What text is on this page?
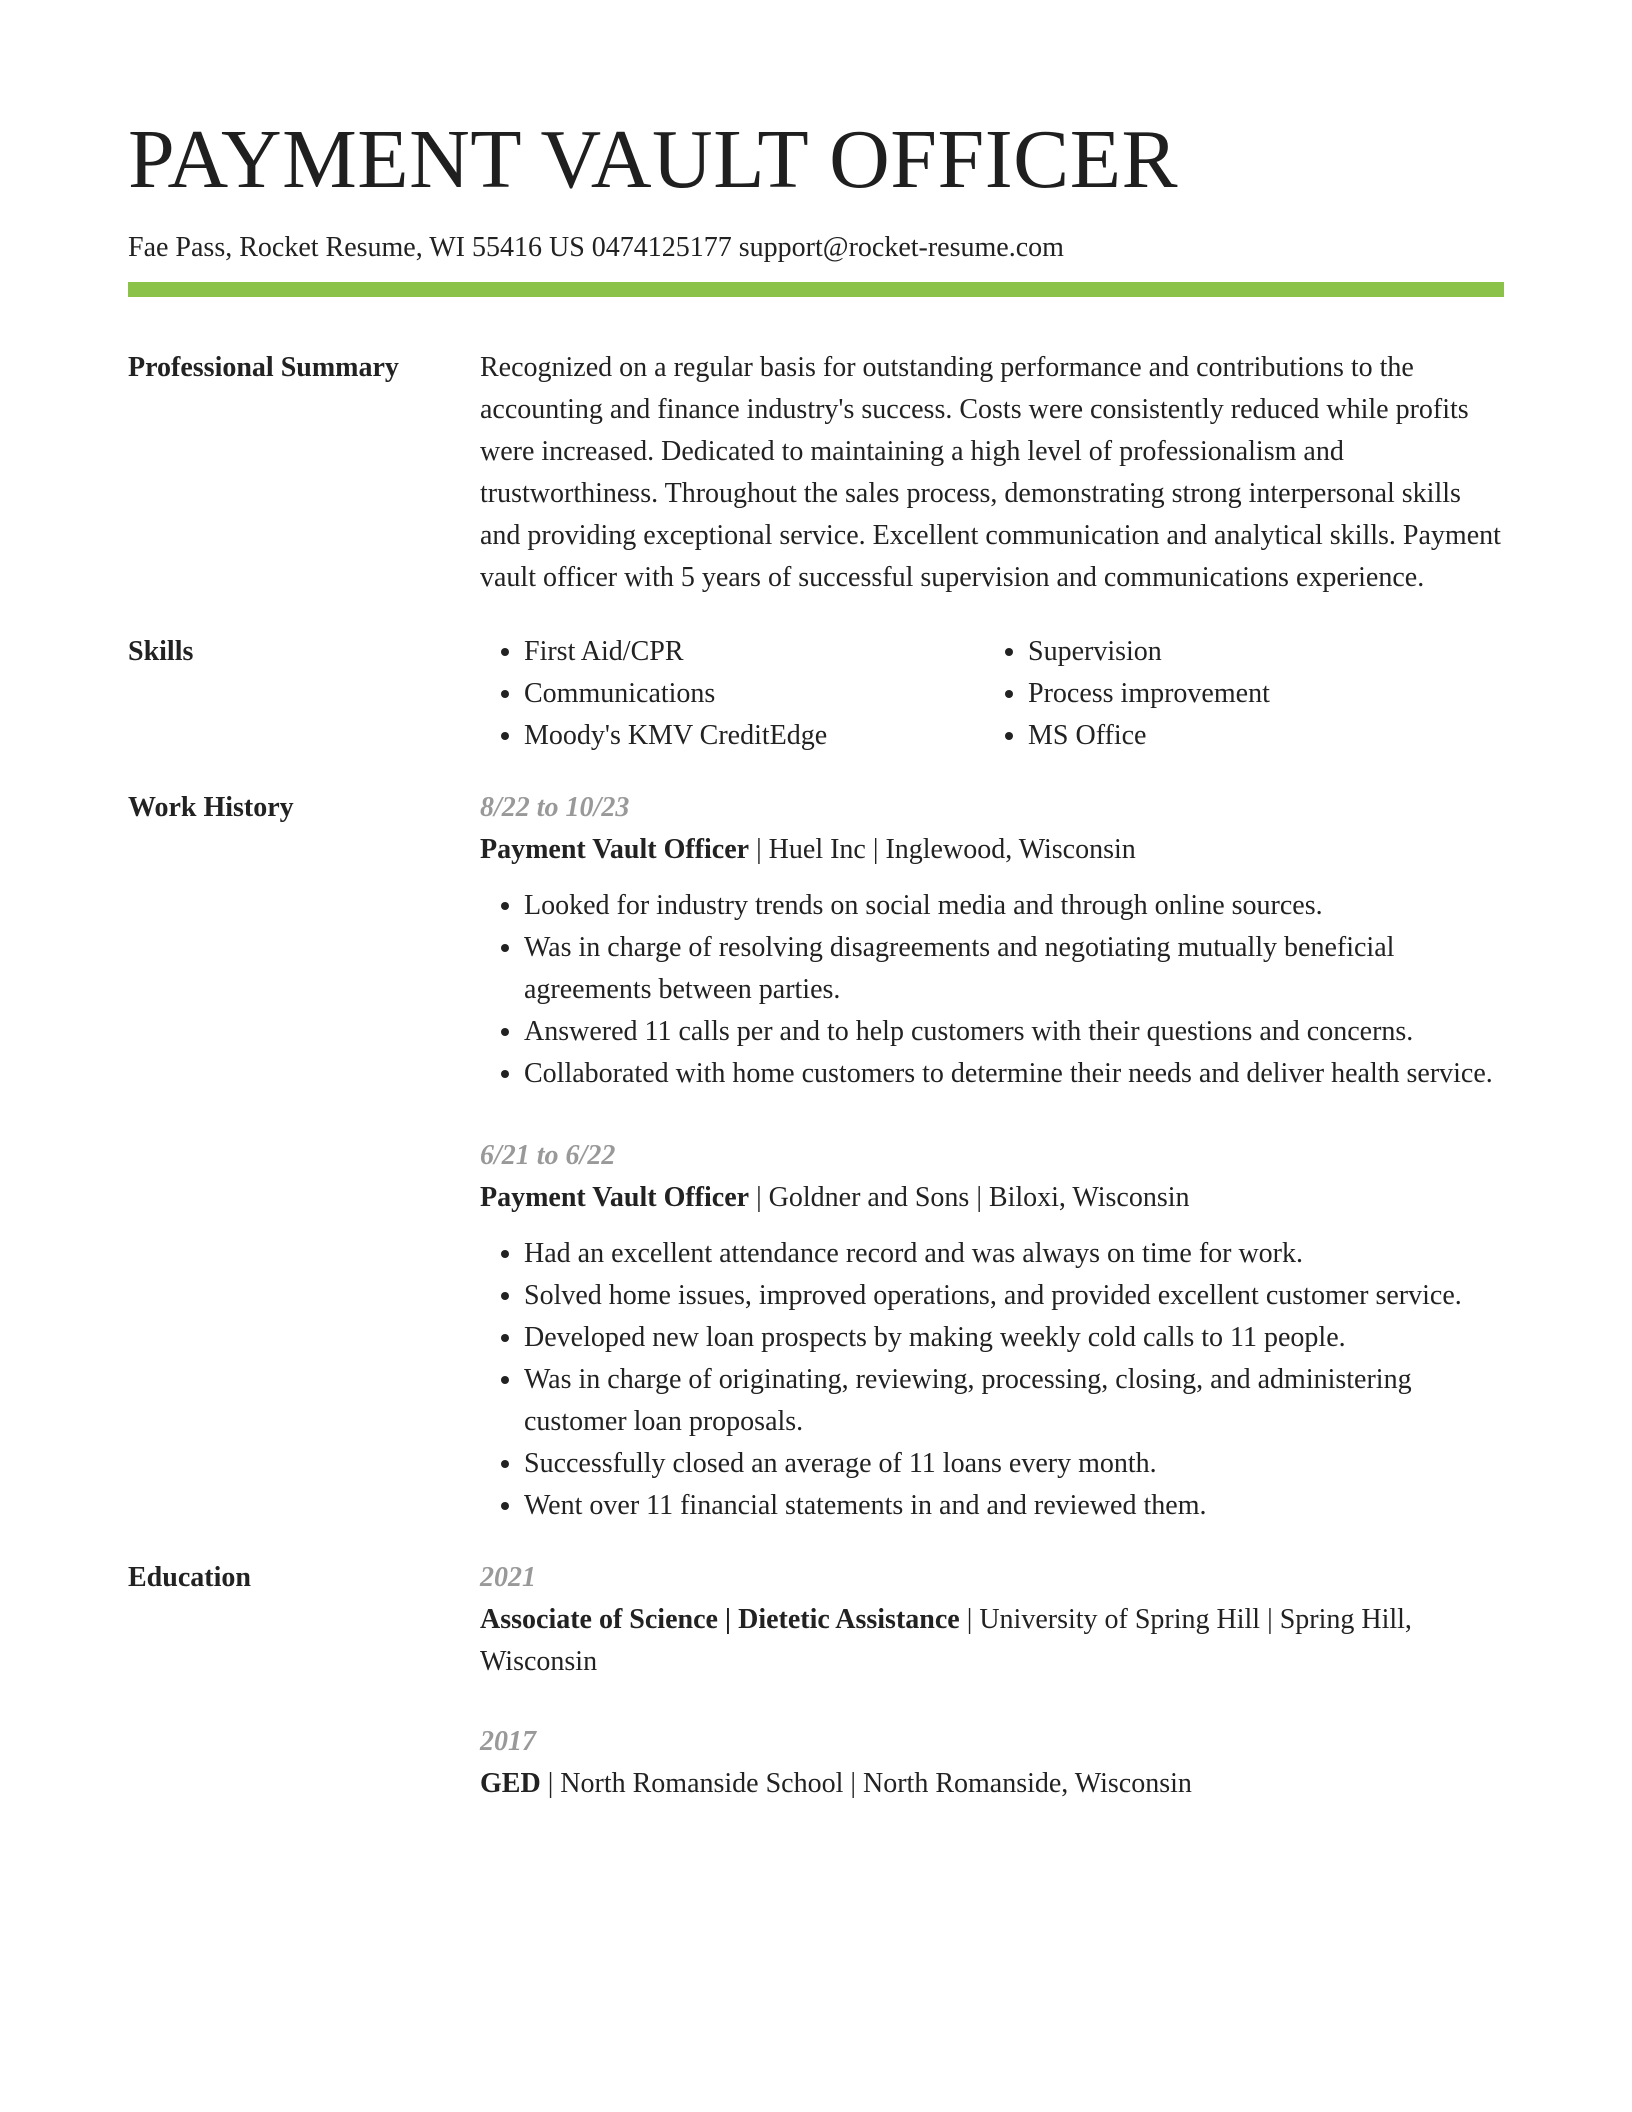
PAYMENT VAULT OFFICER
Fae Pass, Rocket Resume, WI 55416 US 0474125177 support@rocket-resume.com
Professional Summary	Recognized on a regular basis for outstanding performance and contributions to the accounting and finance industry's success. Costs were consistently reduced while profits were increased. Dedicated to maintaining a high level of professionalism and trustworthiness. Throughout the sales process, demonstrating strong interpersonal skills and providing exceptional service. Excellent communication and analytical skills. Payment vault officer with 5 years of successful supervision and communications experience.
Skills
•	First Aid/CPR
• Communications
• Moody's KMV CreditEdge
• Supervision
• Process improvement
• MS Office
Work History	8/22 to 10/23
Payment Vault Officer | Huel Inc | Inglewood, Wisconsin
• Looked for industry trends on social media and through online sources.
• Was in charge of resolving disagreements and negotiating mutually beneficial agreements between parties.
• Answered 11 calls per and to help customers with their questions and concerns.
• Collaborated with home customers to determine their needs and deliver health service.
6/21 to 6/22
Payment Vault Officer | Goldner and Sons | Biloxi, Wisconsin
• Had an excellent attendance record and was always on time for work.
• Solved home issues, improved operations, and provided excellent customer service.
• Developed new loan prospects by making weekly cold calls to 11 people.
• Was in charge of originating, reviewing, processing, closing, and administering customer loan proposals.
• Successfully closed an average of 11 loans every month.
• Went over 11 financial statements in and and reviewed them.
Education	2021
Associate of Science | Dietetic Assistance | University of Spring Hill | Spring Hill, Wisconsin
2017
GED | North Romanside School | North Romanside, Wisconsin
